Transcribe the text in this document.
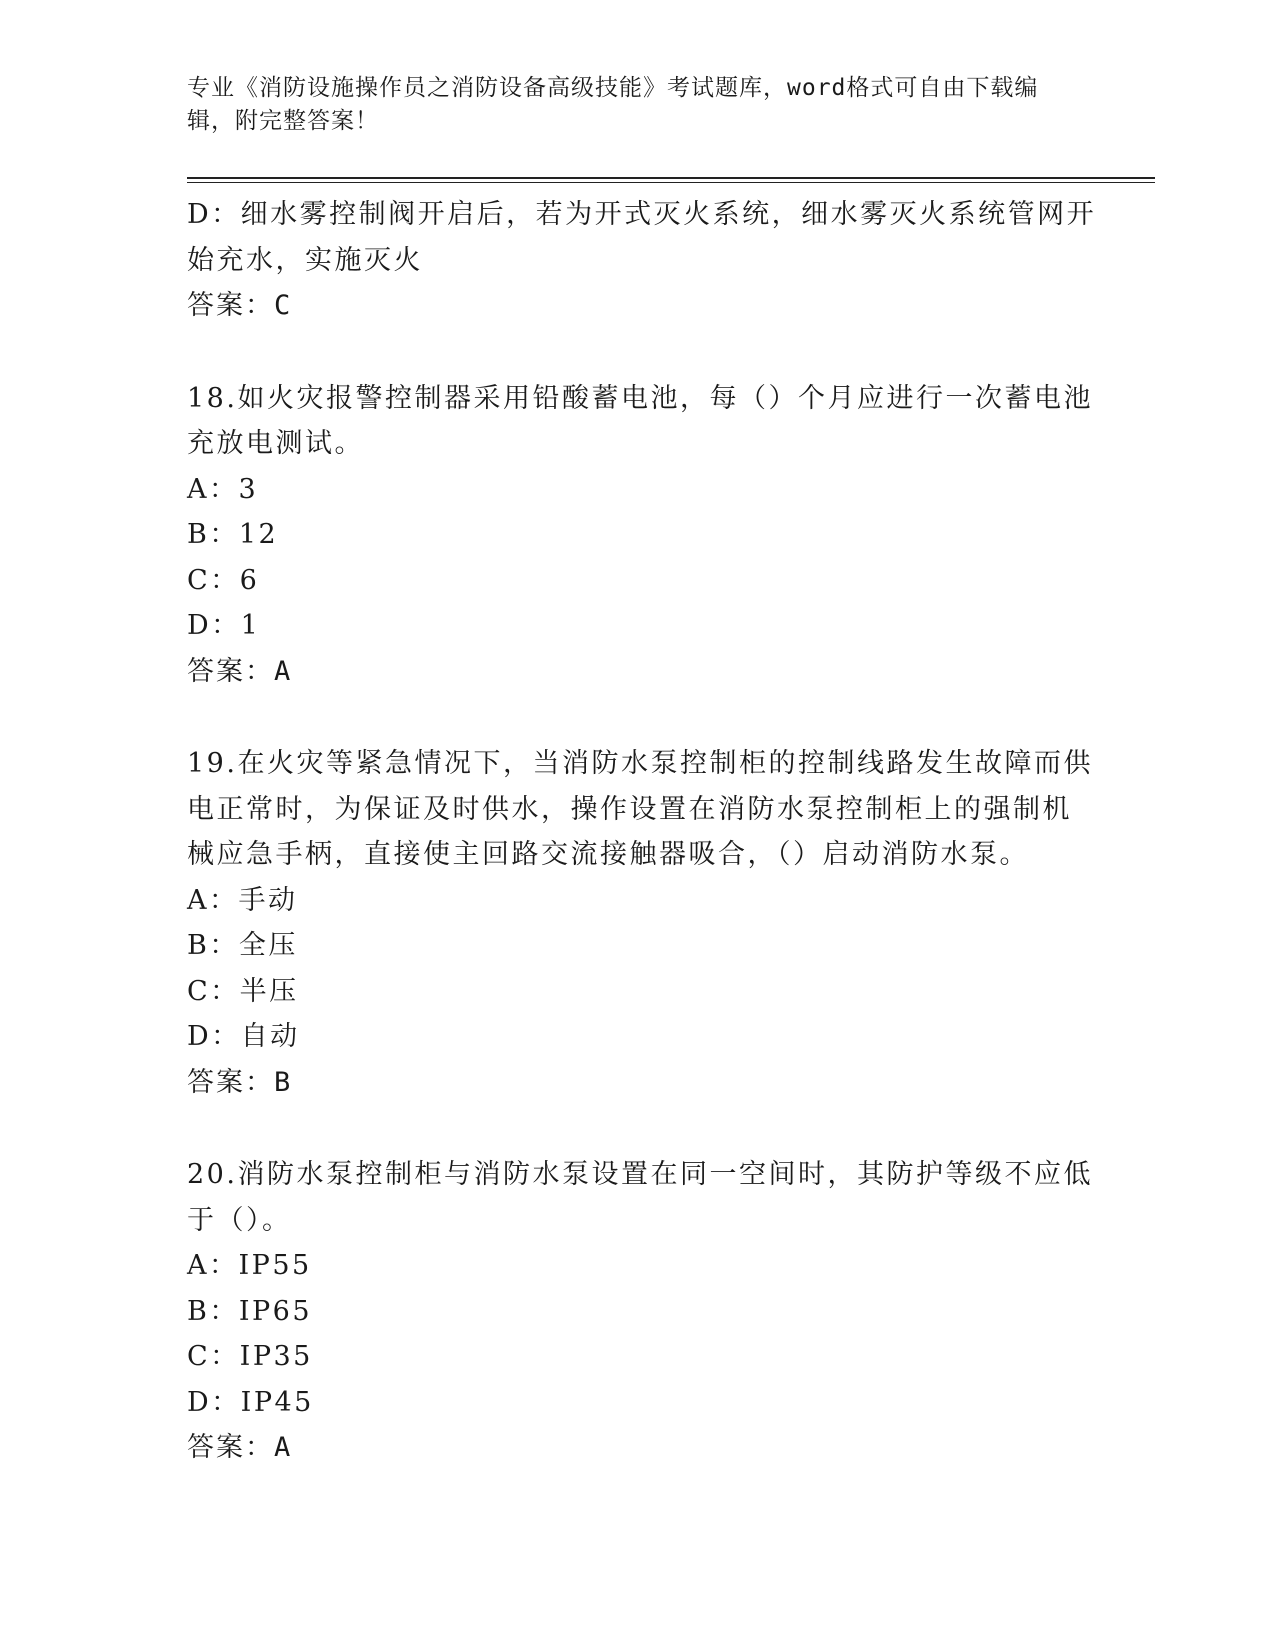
专业《消防设施操作员之消防设备高级技能》考试题库，word格式可自由下载编
辑，附完整答案！
D：细水雾控制阀开启后，若为开式灭火系统，细水雾灭火系统管网开
始充水，实施灭火
答案：C
18.如火灾报警控制器采用铅酸蓄电池，每（）个月应进行一次蓄电池
充放电测试。
A：3
B：12
C：6
D：1
答案：A
19.在火灾等紧急情况下，当消防水泵控制柜的控制线路发生故障而供
电正常时，为保证及时供水，操作设置在消防水泵控制柜上的强制机
械应急手柄，直接使主回路交流接触器吸合，（）启动消防水泵。
A：手动
B：全压
C：半压
D：自动
答案：B
20.消防水泵控制柜与消防水泵设置在同一空间时，其防护等级不应低
于（）。
A：IP55
B：IP65
C：IP35
D：IP45
答案：A
